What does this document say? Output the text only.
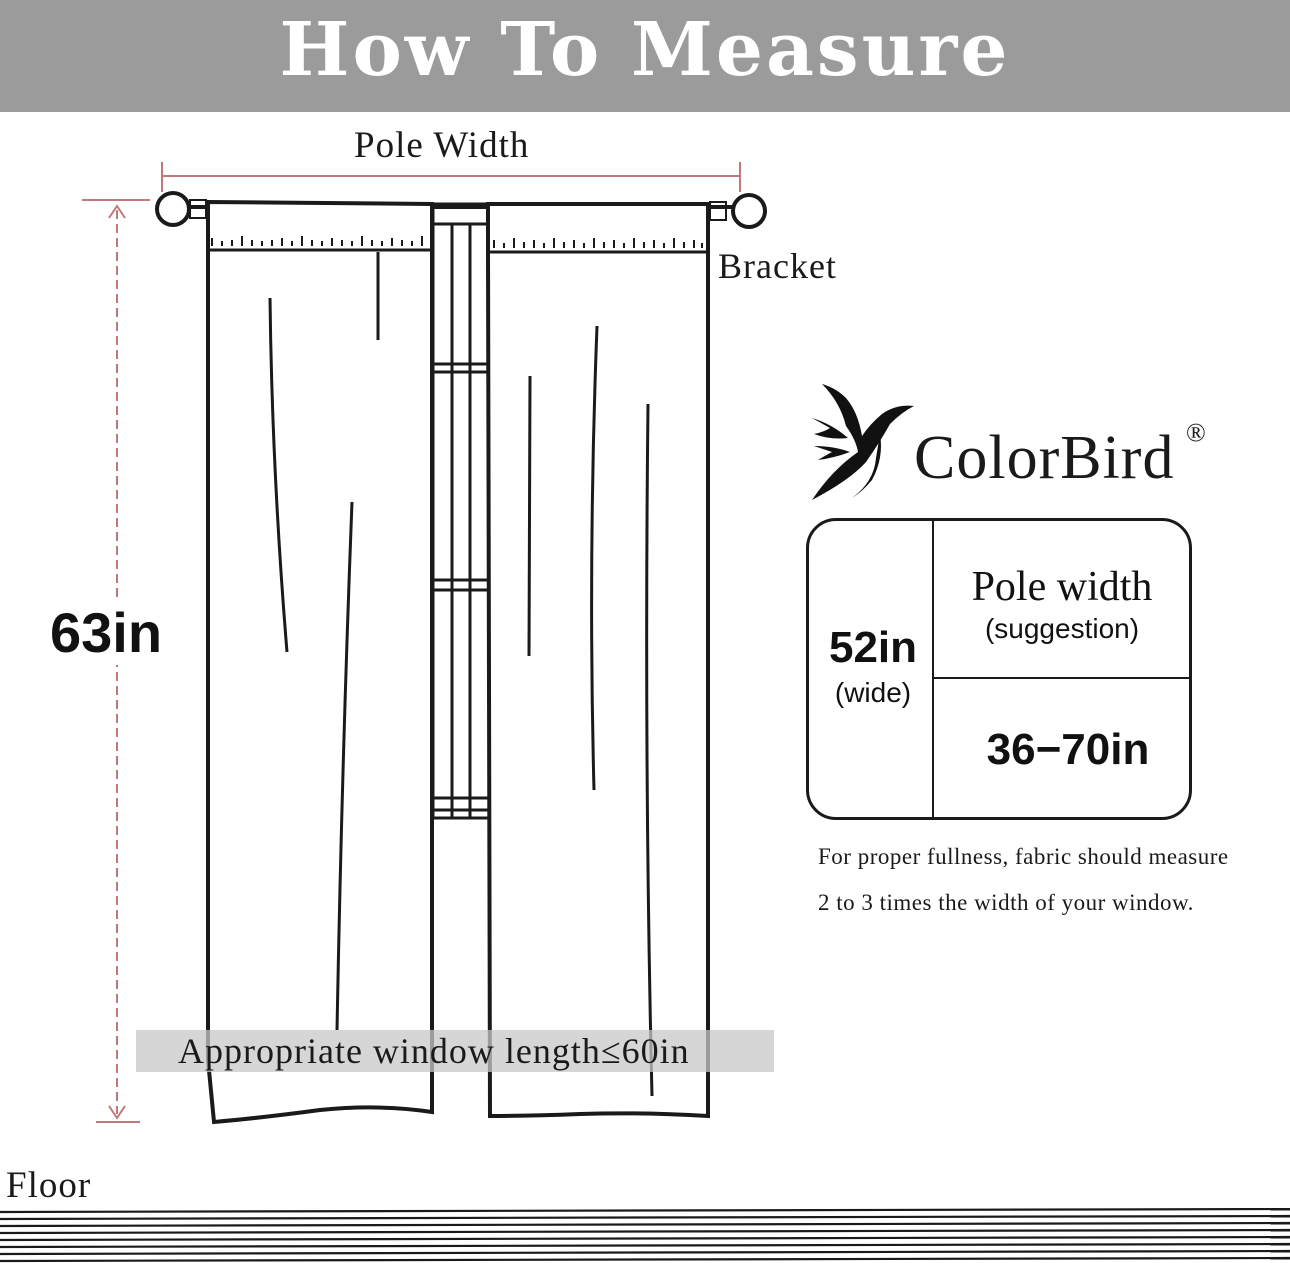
How To Measure
Pole Width
Bracket
63in
Appropriate window length≤60in
Floor
ColorBird ®
52in
(wide)
Pole width
(suggestion)
36−70in
For proper fullness, fabric should measure 2 to 3 times the width of your window.
